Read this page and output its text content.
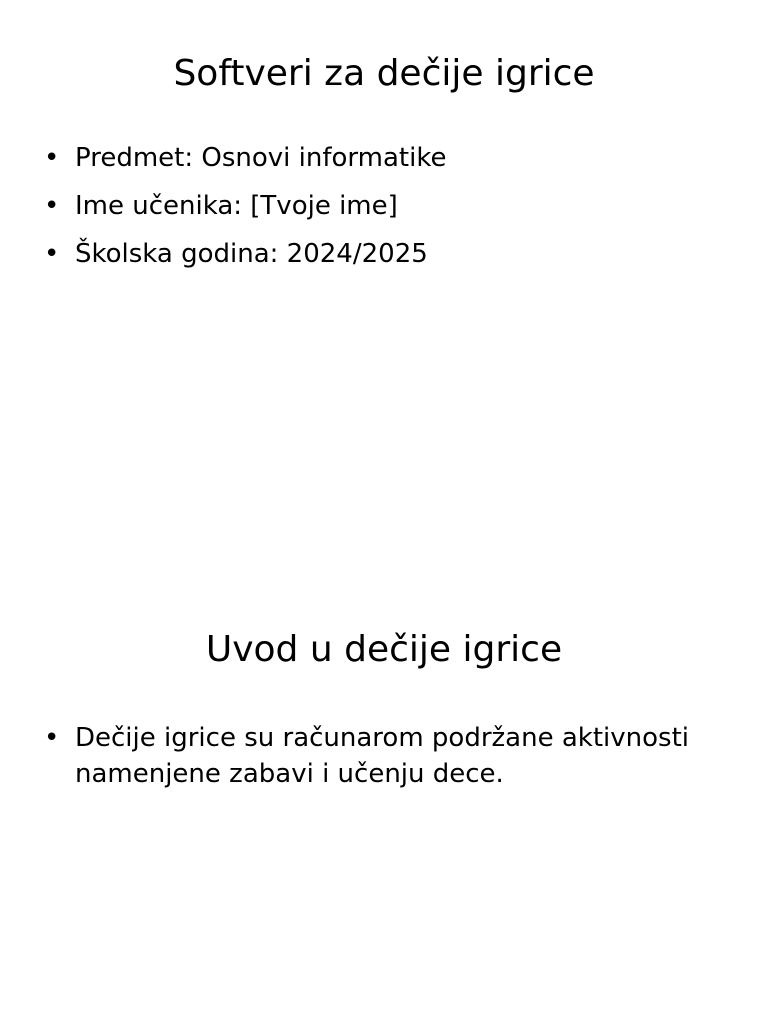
Softveri za dečije igrice
• Predmet: Osnovi informatike
• Ime učenika: [Tvoje ime]
• Školska godina: 2024/2025
Uvod u dečije igrice
• Dečije igrice su računarom podržane aktivnosti namenjene zabavi i učenju dece.
